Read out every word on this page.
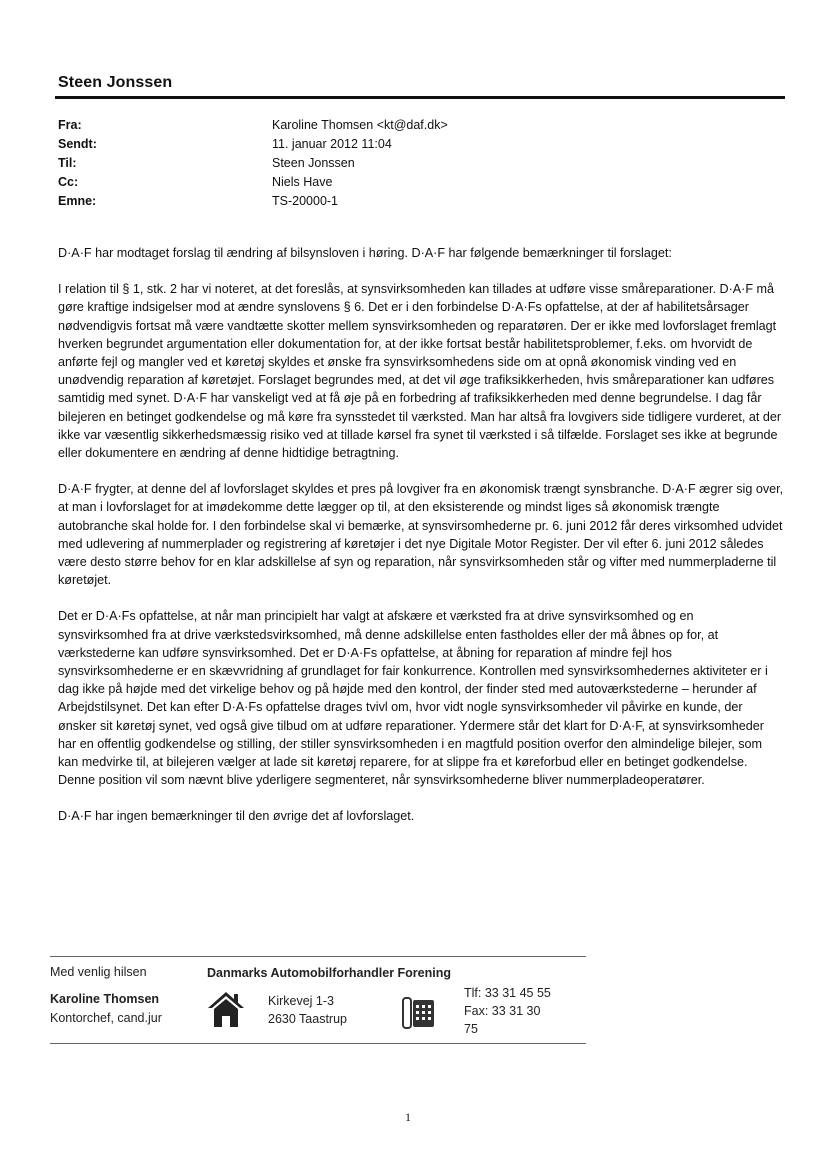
Steen Jonssen
Fra:	Karoline Thomsen <kt@daf.dk>
Sendt:	11. januar 2012 11:04
Til:	Steen Jonssen
Cc:	Niels Have
Emne:	TS-20000-1

D·A·F har modtaget forslag til ændring af bilsynsloven i høring. D·A·F har følgende bemærkninger til forslaget:

I relation til § 1, stk. 2 har vi noteret, at det foreslås, at synsvirksomheden kan tillades at udføre visse småreparationer. D·A·F må gøre kraftige indsigelser mod at ændre synslovens § 6. Det er i den forbindelse D·A·Fs opfattelse, at der af habilitetsårsager nødvendigvis fortsat må være vandtætte skotter mellem synsvirksomheden og reparatøren. Der er ikke med lovforslaget fremlagt hverken begrundet argumentation eller dokumentation for, at der ikke fortsat består habilitetsproblemer, f.eks. om hvorvidt de anførte fejl og mangler ved et køretøj skyldes et ønske fra synsvirksomhedens side om at opnå økonomisk vinding ved en unødvendig reparation af køretøjet. Forslaget begrundes med, at det vil øge trafiksikkerheden, hvis småreparationer kan udføres samtidig med synet. D·A·F har vanskeligt ved at få øje på en forbedring af trafiksikkerheden med denne begrundelse. I dag får bilejeren en betinget godkendelse og må køre fra synsstedet til værksted. Man har altså fra lovgivers side tidligere vurderet, at der ikke var væsentlig sikkerhedsmæssig risiko ved at tillade kørsel fra synet til værksted i så tilfælde. Forslaget ses ikke at begrunde eller dokumentere en ændring af denne hidtidige betragtning.

D·A·F frygter, at denne del af lovforslaget skyldes et pres på lovgiver fra en økonomisk trængt synsbranche. D·A·F ægrer sig over, at man i lovforslaget for at imødekomme dette lægger op til, at den eksisterende og mindst liges så økonomisk trængte autobranche skal holde for. I den forbindelse skal vi bemærke, at synsvirsomhederne pr. 6. juni 2012 får deres virksomhed udvidet med udlevering af nummerplader og registrering af køretøjer i det nye Digitale Motor Register. Der vil efter 6. juni 2012 således være desto større behov for en klar adskillelse af syn og reparation, når synsvirksomheden står og vifter med nummerpladerne til køretøjet.

Det er D·A·Fs opfattelse, at når man principielt har valgt at afskære et værksted fra at drive synsvirksomhed og en synsvirksomhed fra at drive værkstedsvirksomhed, må denne adskillelse enten fastholdes eller der må åbnes op for, at værkstederne kan udføre synsvirksomhed. Det er D·A·Fs opfattelse, at åbning for reparation af mindre fejl hos synsvirksomhederne er en skævvridning af grundlaget for fair konkurrence. Kontrollen med synsvirksomhedernes aktiviteter er i dag ikke på højde med det virkelige behov og på højde med den kontrol, der finder sted med autoværkstederne – herunder af Arbejdstilsynet. Det kan efter D·A·Fs opfattelse drages tvivl om, hvor vidt nogle synsvirksomheder vil påvirke en kunde, der ønsker sit køretøj synet, ved også give tilbud om at udføre reparationer. Ydermere står det klart for D·A·F, at synsvirksomheder har en offentlig godkendelse og stilling, der stiller synsvirksomheden i en magtfuld position overfor den almindelige bilejer, som kan medvirke til, at bilejeren vælger at lade sit køretøj reparere, for at slippe fra et køreforbud eller en betinget godkendelse. Denne position vil som nævnt blive yderligere segmenteret, når synsvirksomhederne bliver nummerpladeoperatører.

D·A·F har ingen bemærkninger til den øvrige det af lovforslaget.

Med venlig hilsen
Karoline Thomsen
Kontorchef, cand.jur
Danmarks Automobilforhandler Forening
Kirkevej 1-3
2630 Taastrup
Tlf: 33 31 45 55
Fax: 33 31 30
75
1
